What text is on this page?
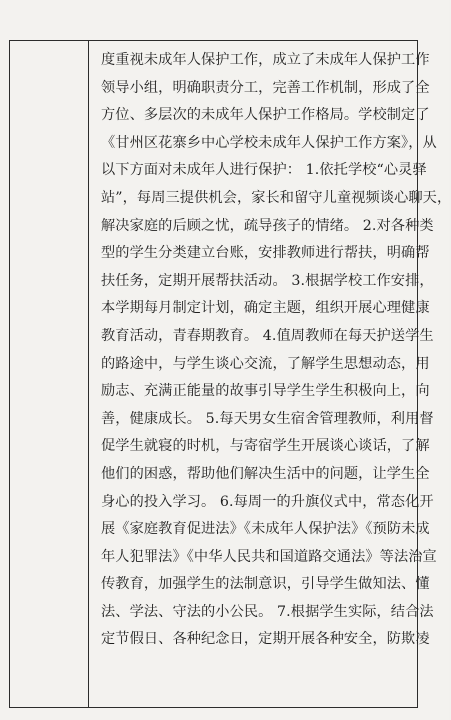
度重视未成年人保护工作，成立了未成年人保护工作
领导小组，明确职责分工，完善工作机制，形成了全
方位、多层次的未成年人保护工作格局。学校制定了
《甘州区花寨乡中心学校未成年人保护工作方案》，从
以下方面对未成年人进行保护： 1.依托学校“心灵驿
站”，每周三提供机会，家长和留守儿童视频谈心聊天，
解决家庭的后顾之忧，疏导孩子的情绪。 2.对各种类
型的学生分类建立台账，安排教师进行帮扶，明确帮
扶任务，定期开展帮扶活动。 3.根据学校工作安排，
本学期每月制定计划，确定主题，组织开展心理健康
教育活动，青春期教育。 4.值周教师在每天护送学生
的路途中，与学生谈心交流，了解学生思想动态，用
励志、充满正能量的故事引导学生学生积极向上，向
善，健康成长。 5.每天男女生宿舍管理教师，利用督
促学生就寝的时机，与寄宿学生开展谈心谈话，了解
他们的困惑，帮助他们解决生活中的问题，让学生全
身心的投入学习。 6.每周一的升旗仪式中，常态化开
展《家庭教育促进法》《未成年人保护法》《预防未成
年人犯罪法》《中华人民共和国道路交通法》等法治宣
传教育，加强学生的法制意识，引导学生做知法、懂
法、学法、守法的小公民。 7.根据学生实际，结合法
定节假日、各种纪念日，定期开展各种安全，防欺凌
